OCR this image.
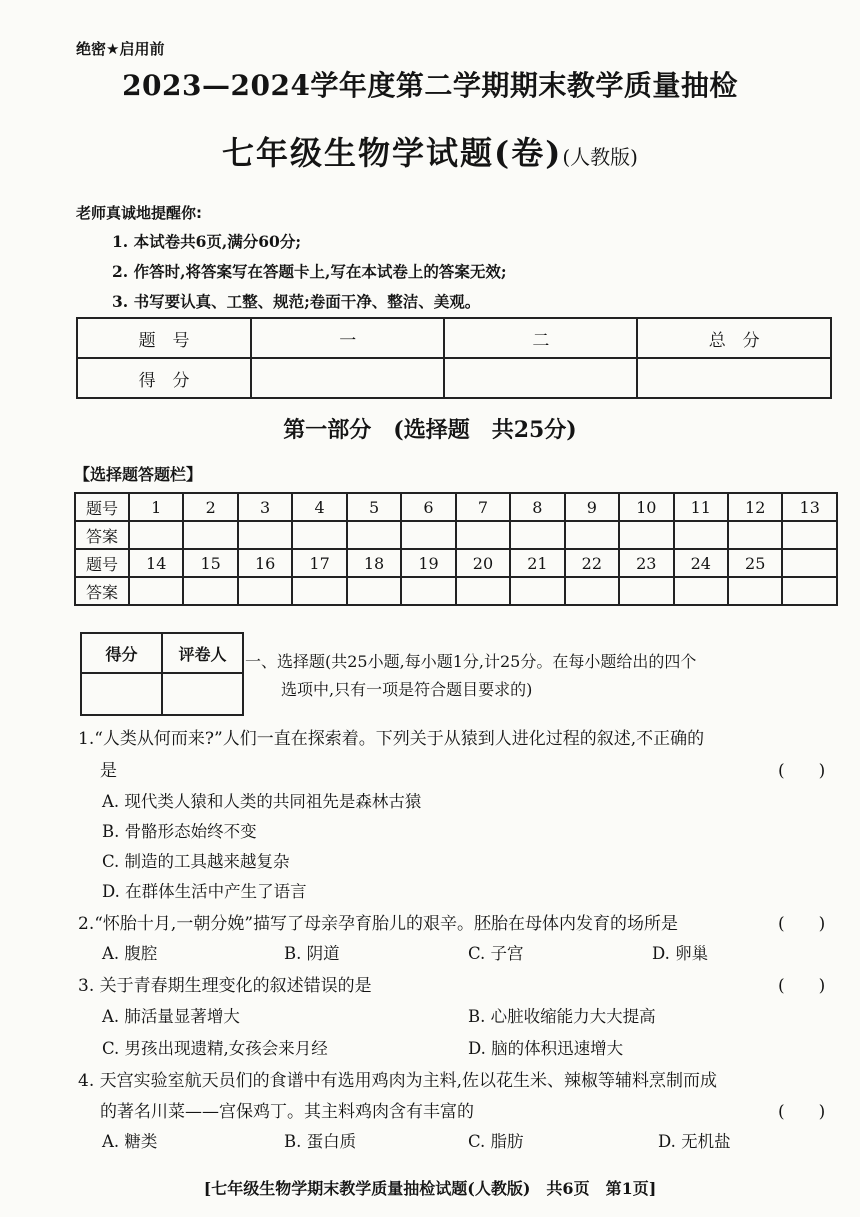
绝密★启用前
2023—2024学年度第二学期期末教学质量抽检
七年级生物学试题(卷)(人教版)
老师真诚地提醒你:
1. 本试卷共6页,满分60分;
2. 作答时,将答案写在答题卡上,写在本试卷上的答案无效;
3. 书写要认真、工整、规范;卷面干净、整洁、美观。
题　号	一	二	总　分
得　分			
第一部分　(选择题　共25分)
【选择题答题栏】
题号	1	2	3	4	5	6	7	8	9	10	11	12	13
答案													
题号	14	15	16	17	18	19	20	21	22	23	24	25	
答案													
得分	评卷人
	一、选择题(共25小题,每小题1分,计25分。在每小题给出的四个
选项中,只有一项是符合题目要求的)
1.“人类从何而来?”人们一直在探索着。下列关于从猿到人进化过程的叙述,不正确的
是	(　　)
A. 现代类人猿和人类的共同祖先是森林古猿
B. 骨骼形态始终不变
C. 制造的工具越来越复杂
D. 在群体生活中产生了语言
2.“怀胎十月,一朝分娩”描写了母亲孕育胎儿的艰辛。胚胎在母体内发育的场所是	(　　)
A. 腹腔	B. 阴道	C. 子宫	D. 卵巢
3. 关于青春期生理变化的叙述错误的是	(　　)
A. 肺活量显著增大	B. 心脏收缩能力大大提高
C. 男孩出现遗精,女孩会来月经	D. 脑的体积迅速增大
4. 天宫实验室航天员们的食谱中有选用鸡肉为主料,佐以花生米、辣椒等辅料烹制而成
的著名川菜——宫保鸡丁。其主料鸡肉含有丰富的	(　　)
A. 糖类	B. 蛋白质	C. 脂肪	D. 无机盐
[七年级生物学期末教学质量抽检试题(人教版)　共6页　第1页]
